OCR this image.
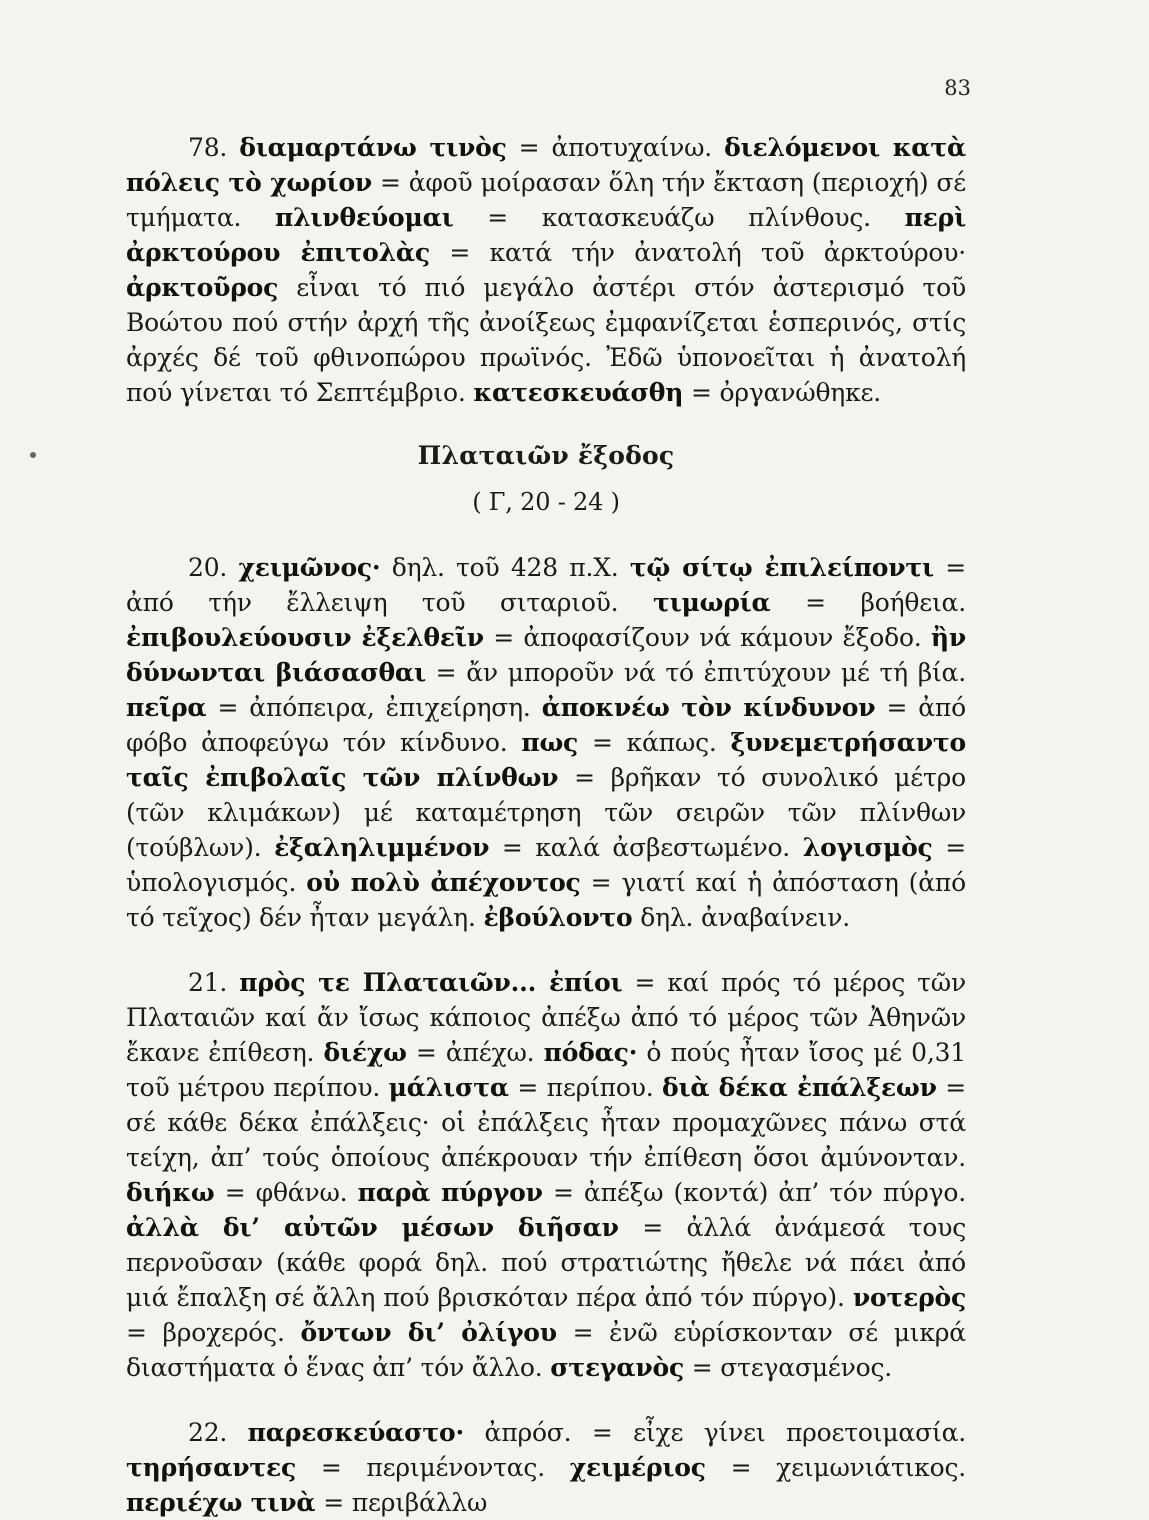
83

78. διαμαρτάνω τινὸς = ἀποτυχαίνω. διελόμενοι κατὰ πόλεις τὸ χωρίον = ἀφοῦ μοίρασαν ὅλη τήν ἔκταση (περιοχή) σέ τμήματα. πλινθεύομαι = κατασκευάζω πλίνθους. περὶ ἀρκτούρου ἐπιτολὰς = κατά τήν ἀνατολή τοῦ ἀρκτούρου· ἀρκτοῦρος εἶναι τό πιό μεγάλο ἀστέρι στόν ἀστερισμό τοῦ Βοώτου πού στήν ἀρχή τῆς ἀνοίξεως ἐμφανίζεται ἑσπερινός, στίς ἀρχές δέ τοῦ φθινοπώρου πρωϊνός. Ἐδῶ ὑπονοεῖται ἡ ἀνατολή πού γίνεται τό Σεπτέμβριο. κατεσκευάσθη = ὀργανώθηκε.

Πλαταιῶν ἔξοδος
( Γ, 20 - 24 )

20. χειμῶνος· δηλ. τοῦ 428 π.Χ. τῷ σίτῳ ἐπιλείποντι = ἀπό τήν ἔλλειψη τοῦ σιταριοῦ. τιμωρία = βοήθεια. ἐπιβουλεύουσιν ἐξελθεῖν = ἀποφασίζουν νά κάμουν ἔξοδο. ἢν δύνωνται βιάσασθαι = ἄν μποροῦν νά τό ἐπιτύχουν μέ τή βία. πεῖρα = ἀπόπειρα, ἐπιχείρηση. ἀποκνέω τὸν κίνδυνον = ἀπό φόβο ἀποφεύγω τόν κίνδυνο. πως = κάπως. ξυνεμετρήσαντο ταῖς ἐπιβολαῖς τῶν πλίνθων = βρῆκαν τό συνολικό μέτρο (τῶν κλιμάκων) μέ καταμέτρηση τῶν σειρῶν τῶν πλίνθων (τούβλων). ἐξαληλιμμένον = καλά ἀσβεστωμένο. λογισμὸς = ὑπολογισμός. οὐ πολὺ ἀπέχοντος = γιατί καί ἡ ἀπόσταση (ἀπό τό τεῖχος) δέν ἦταν μεγάλη. ἐβούλοντο δηλ. ἀναβαίνειν.

21. πρὸς τε Πλαταιῶν... ἐπίοι = καί πρός τό μέρος τῶν Πλαταιῶν καί ἄν ἴσως κάποιος ἀπέξω ἀπό τό μέρος τῶν Ἀθηνῶν ἔκανε ἐπίθεση. διέχω = ἀπέχω. πόδας· ὁ πούς ἦταν ἴσος μέ 0,31 τοῦ μέτρου περίπου. μάλιστα = περίπου. διὰ δέκα ἐπάλξεων = σέ κάθε δέκα ἐπάλξεις· οἱ ἐπάλξεις ἦταν προμαχῶνες πάνω στά τείχη, ἀπ’ τούς ὁποίους ἀπέκρουαν τήν ἐπίθεση ὅσοι ἀμύνονταν. διήκω = φθάνω. παρὰ πύργον = ἀπέξω (κοντά) ἀπ’ τόν πύργο. ἀλλὰ δι’ αὐτῶν μέσων διῆσαν = ἀλλά ἀνάμεσά τους περνοῦσαν (κάθε φορά δηλ. πού στρατιώτης ἤθελε νά πάει ἀπό μιά ἔπαλξη σέ ἄλλη πού βρισκόταν πέρα ἀπό τόν πύργο). νοτερὸς = βροχερός. ὄντων δι’ ὀλίγου = ἐνῶ εὑρίσκονταν σέ μικρά διαστήματα ὁ ἕνας ἀπ’ τόν ἄλλο. στεγανὸς = στεγασμένος.

22. παρεσκεύαστο· ἀπρόσ. = εἶχε γίνει προετοιμασία. τηρήσαντες = περιμένοντας. χειμέριος = χειμωνιάτικος. περιέχω τινὰ = περιβάλλω
